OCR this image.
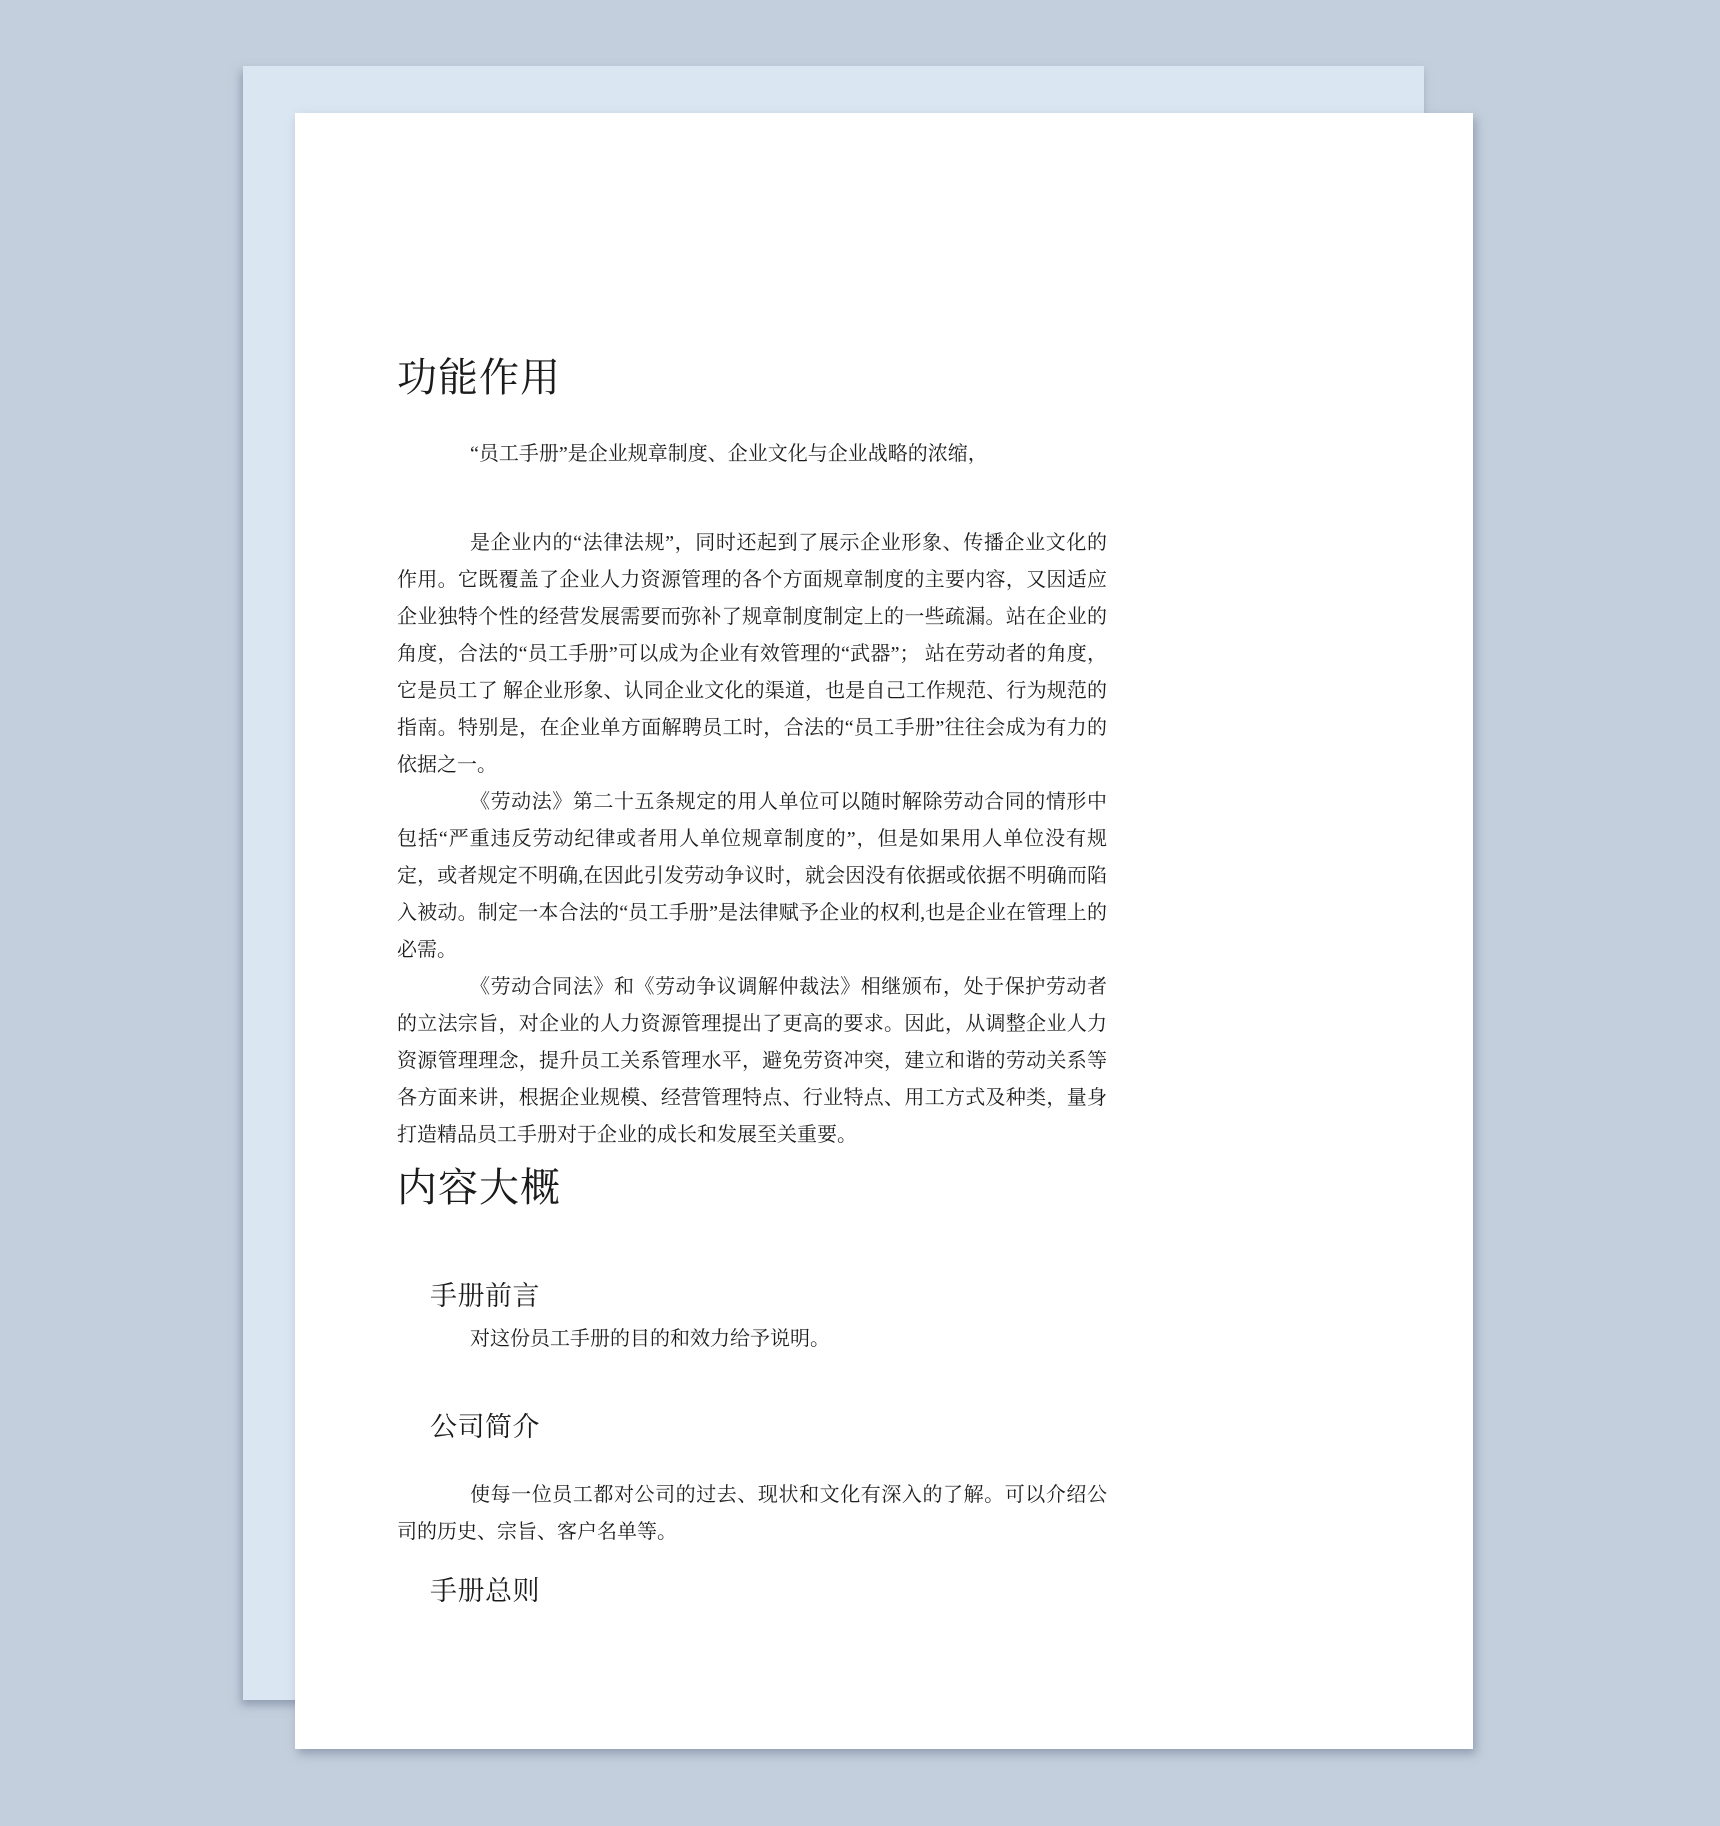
功能作用

“员工手册”是企业规章制度、企业文化与企业战略的浓缩，

是企业内的“法律法规”，同时还起到了展示企业形象、传播企业文化的作用。它既覆盖了企业人力资源管理的各个方面规章制度的主要内容，又因适应企业独特个性的经营发展需要而弥补了规章制度制定上的一些疏漏。站在企业的角度，合法的“员工手册”可以成为企业有效管理的“武器”； 站在劳动者的角度，它是员工了 解企业形象、认同企业文化的渠道，也是自己工作规范、行为规范的指南。特别是，在企业单方面解聘员工时，合法的“员工手册”往往会成为有力的依据之一。

《劳动法》第二十五条规定的用人单位可以随时解除劳动合同的情形中包括“严重违反劳动纪律或者用人单位规章制度的”，但是如果用人单位没有规定，或者规定不明确,在因此引发劳动争议时，就会因没有依据或依据不明确而陷入被动。制定一本合法的“员工手册”是法律赋予企业的权利,也是企业在管理上的必需。

《劳动合同法》和《劳动争议调解仲裁法》相继颁布，处于保护劳动者的立法宗旨，对企业的人力资源管理提出了更高的要求。因此，从调整企业人力资源管理理念，提升员工关系管理水平，避免劳资冲突，建立和谐的劳动关系等各方面来讲，根据企业规模、经营管理特点、行业特点、用工方式及种类，量身打造精品员工手册对于企业的成长和发展至关重要。

内容大概
手册前言

对这份员工手册的目的和效力给予说明。

公司简介

使每一位员工都对公司的过去、现状和文化有深入的了解。可以介绍公司的历史、宗旨、客户名单等。

手册总则
